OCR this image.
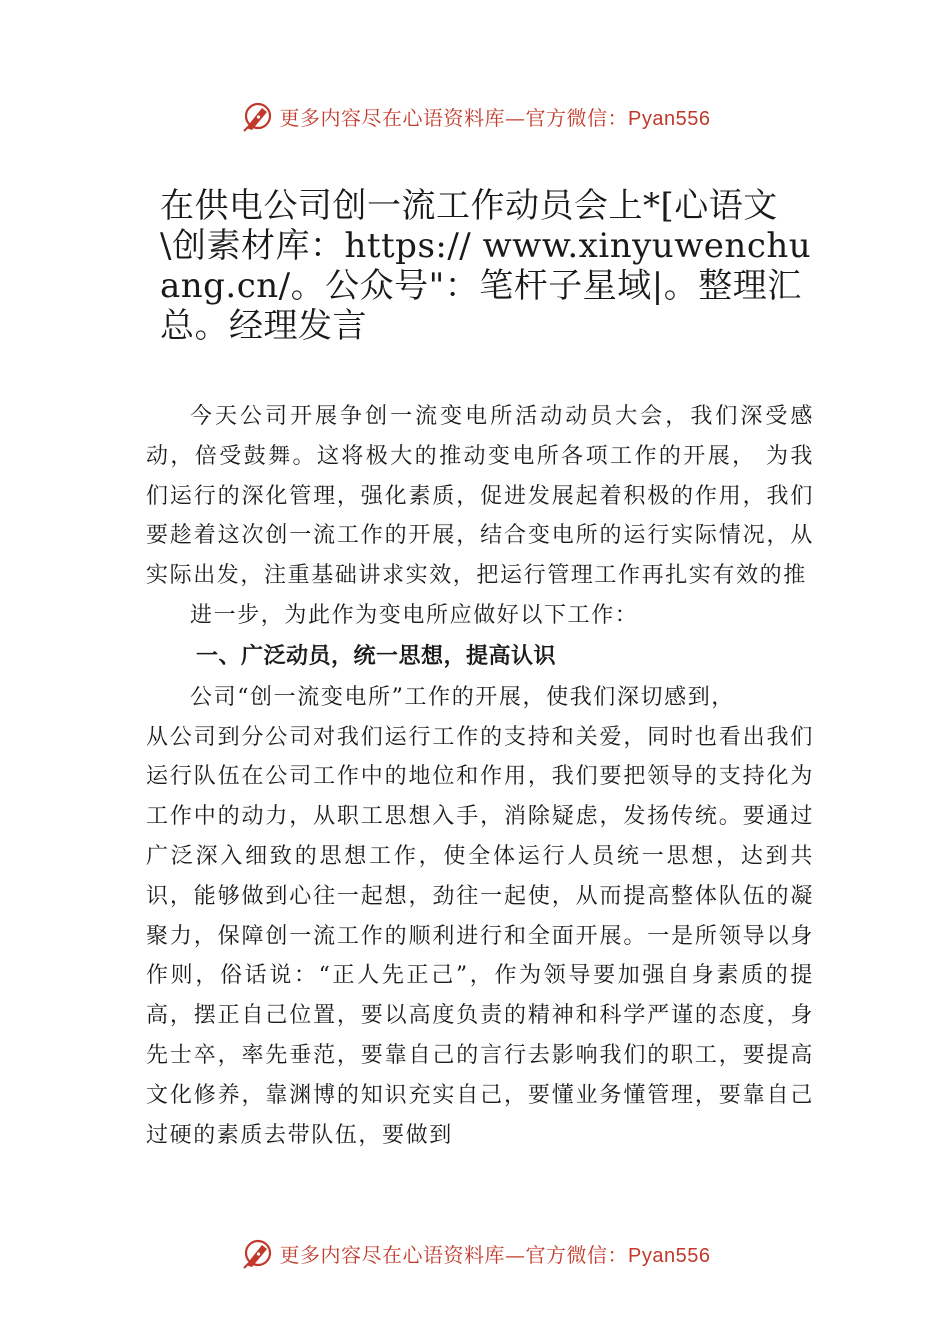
更多内容尽在心语资料库—官方微信：Pyan556
在供电公司创一流工作动员会上*[心语文\创素材库：https:// www.xinyuwenchuang.cn/。公众号"：笔杆子星域|。整理汇总。经理发言

今天公司开展争创一流变电所活动动员大会，我们深受感动，倍受鼓舞。这将极大的推动变电所各项工作的开展， 为我们运行的深化管理，强化素质，促进发展起着积极的作用，我们要趁着这次创一流工作的开展，结合变电所的运行实际情况，从实际出发，注重基础讲求实效，把运行管理工作再扎实有效的推

进一步，为此作为变电所应做好以下工作：

一、广泛动员，统一思想，提高认识

公司“创一流变电所”工作的开展，使我们深切感到，

从公司到分公司对我们运行工作的支持和关爱，同时也看出我们运行队伍在公司工作中的地位和作用，我们要把领导的支持化为工作中的动力，从职工思想入手，消除疑虑，发扬传统。要通过广泛深入细致的思想工作，使全体运行人员统一思想，达到共识，能够做到心往一起想，劲往一起使，从而提高整体队伍的凝聚力，保障创一流工作的顺利进行和全面开展。一是所领导以身作则，俗话说：“正人先正己”，作为领导要加强自身素质的提高，摆正自己位置，要以高度负责的精神和科学严谨的态度，身先士卒，率先垂范，要靠自己的言行去影响我们的职工，要提高文化修养，靠渊博的知识充实自己，要懂业务懂管理，要靠自己过硬的素质去带队伍，要做到

更多内容尽在心语资料库—官方微信：Pyan556
